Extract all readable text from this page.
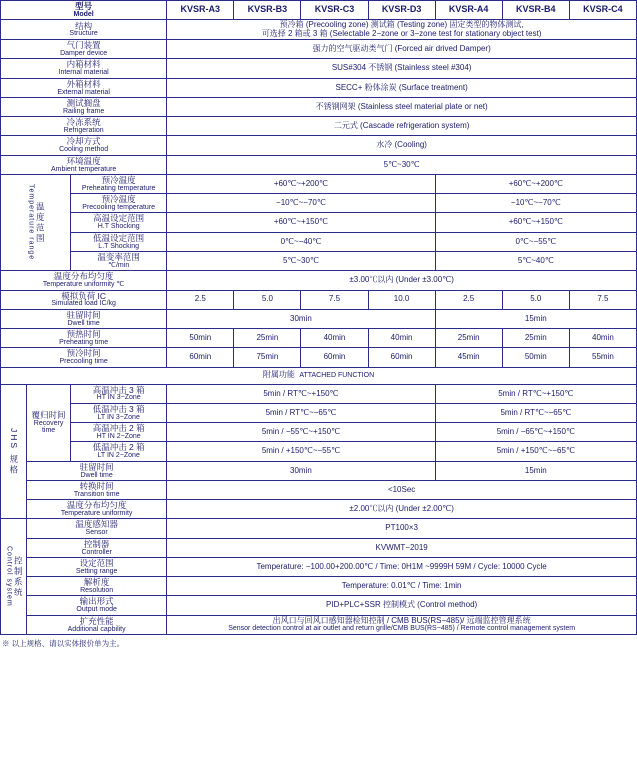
型号
Model			KVSR-A3	KVSR-B3	KVSR-C3	KVSR-D3	KVSR-A4	KVSR-B4	KVSR-C4

结构
Structure			预冷箱 (Precooling zone) 测试箱 (Testing zone) 固定类型的物体测试,
可选择 2 箱或 3 箱 (Selectable 2−zone or 3−zone test for stationary object test)						

气门装置
Damper device			强力的空气驱动类气门 (Forced air drived Damper)						

内箱材料
Internal material			SUS#304 不锈钢 (Stainless steel #304)						

外箱材料
External material			SECC+ 粉体涂炭 (Surface treatment)						

测试搁盘
Railing frame			不锈钢网架 (Stainless steel material plate or net)						

冷冻系统
Refrigeration			二元式 (Cascade refrigeration system)						

冷却方式
Cooling method			水冷 (Cooling)						

环境温度
Ambient temperature			5℃~30℃						

温度范围
Temperature range		预冷温度
Preheating temperature	+60℃~+200℃				+60℃~+200℃		

		预冷温度
Precooling temperature	−10℃~−70℃				−10℃~−70℃		

		高温设定范围
H.T Shocking	+60℃~+150℃				+60℃~+150℃		

		低温设定范围
L.T Shocking	0℃~−40℃				0℃~−55℃		

		温变率范围
℃/min	5℃~30℃				5℃~40℃		

温度分布均匀度
Temperature uniformity ℃			±3.00℃以内 (Under ±3.00℃)						

模拟负荷 IC
Simulated load IC/kg			2.5	5.0	7.5	10.0	2.5	5.0	7.5

驻留时间
Dwell time			30min				15min		

预热时间
Preheating time			50min	25min	40min	40min	25min	25min	40min

预冷时间
Precooling time			60min	75min	60min	60min	45min	50min	55min
附属功能 ATTACHED FUNCTION									

JHS 规格	覆归时间
Recovery time	高温冲击 3 箱
HT IN 3−Zone	5min / RT℃~+150℃				5min / RT℃~+150℃		

		低温冲击 3 箱
LT IN 3−Zone	5min / RT℃~−65℃				5min / RT℃~−65℃		

		高温冲击 2 箱
HT IN 2−Zone	5min / −55℃~+150℃				5min / −65℃~+150℃		

		低温冲击 2 箱
LT IN 2−Zone	5min / +150℃~−55℃				5min / +150℃~−65℃		

	驻留时间
Dwell time		30min				15min		

	转换时间
Transition time		<10Sec						

	温度分布均匀度
Temperature uniformity		±2.00℃以内 (Under ±2.00℃)						

控制系统
Control system	温度感知器
Sensor		PT100×3						

	控制器
Controller		KVWMT−2019						

	设定范围
Setting range		Temperature: −100.00+200.00℃ / Time: 0H1M ~9999H 59M / Cycle: 10000 Cycle						

	解析度
Resolution		Temperature: 0.01℃ / Time: 1min						

	输出形式
Output mode		PID+PLC+SSR 控制模式 (Control method)						

	扩充性能
Additional capbility		出风口与回风口感知器检知控制 / CMB BUS(RS−485)/ 远端监控管理系统
Sensor detection control at air outlet and return grille/CMB BUS(RS−485) / Remote control management system						
※ 以上规格、请以实体报价单为主。
